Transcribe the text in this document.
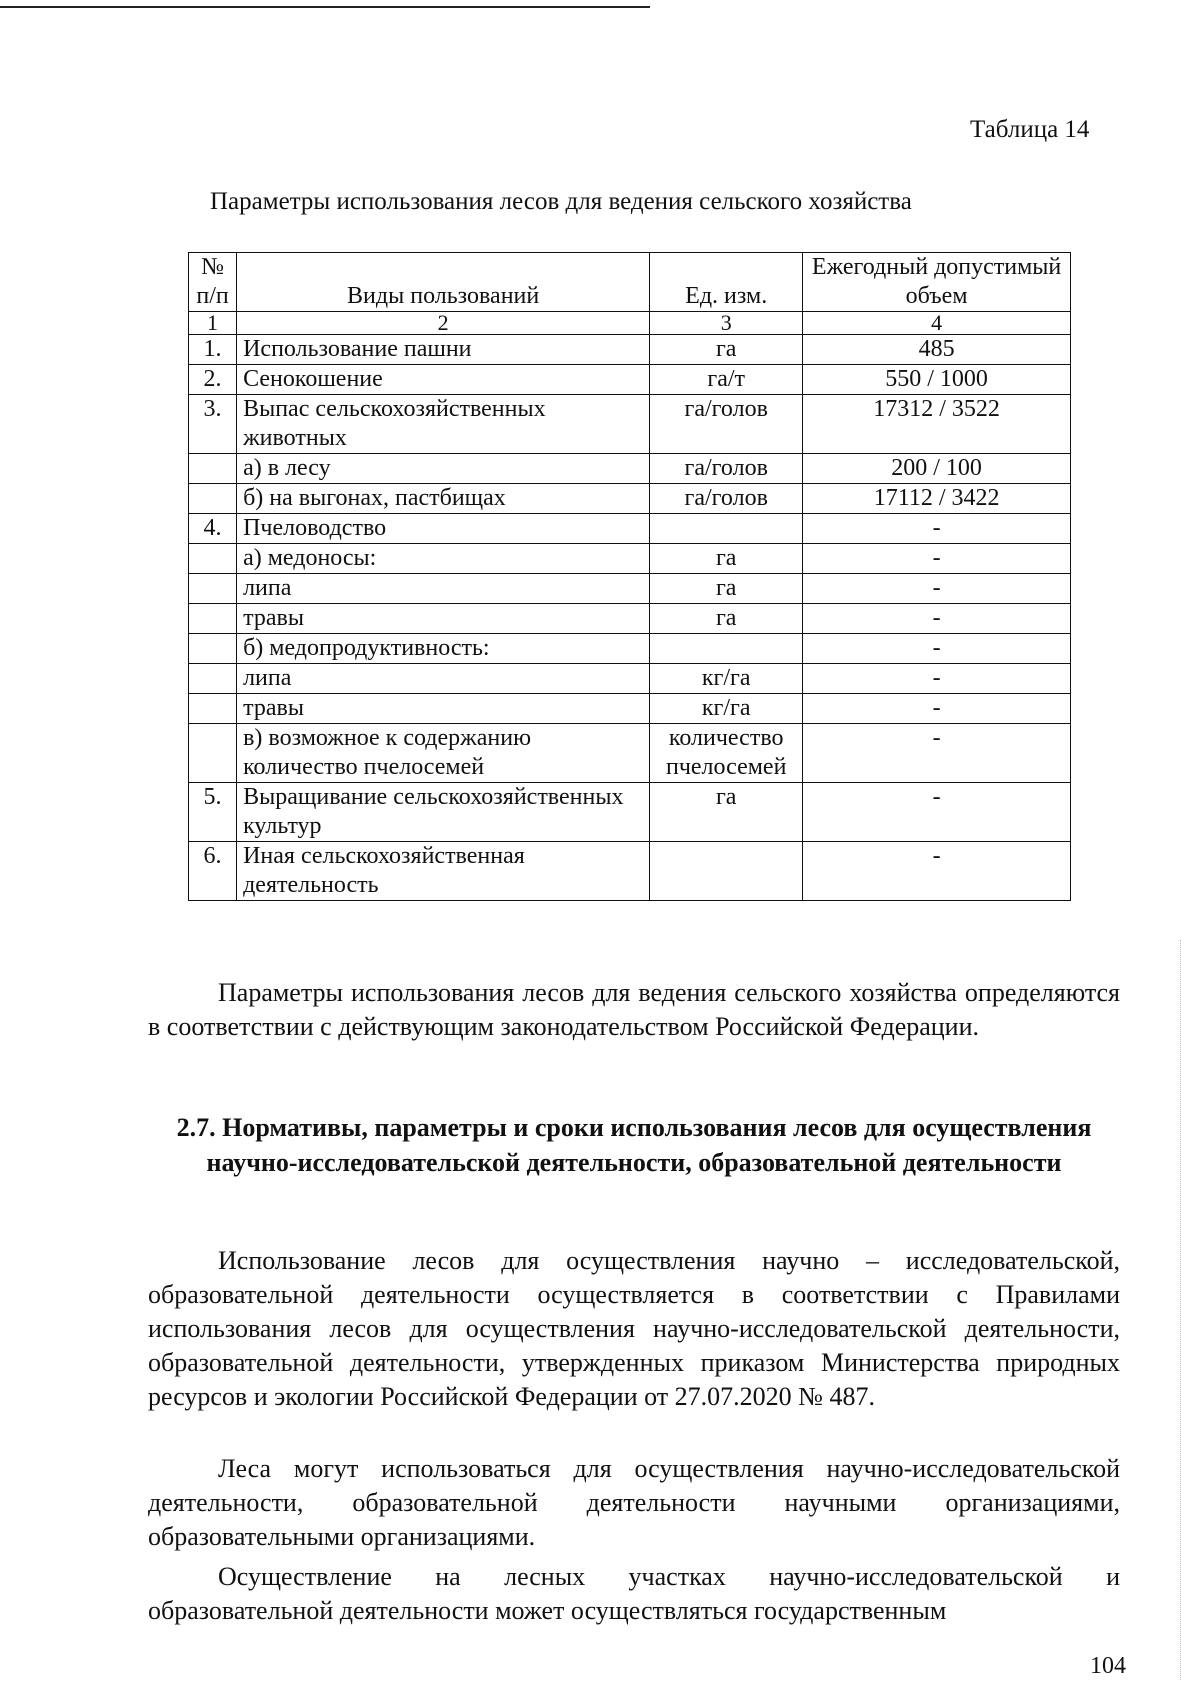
Таблица 14
Параметры использования лесов для ведения сельского хозяйства
№ п/п	Виды пользований	Ед. изм.	Ежегодный допустимый объем
1	2	3	4
1.	Использование пашни	га	485
2.	Сенокошение	га/т	550 / 1000
3.	Выпас сельскохозяйственных животных	га/голов	17312 / 3522
	а) в лесу	га/голов	200 / 100
	б) на выгонах, пастбищах	га/голов	17112 / 3422
4.	Пчеловодство		-
	а) медоносы:	га	-
	липа	га	-
	травы	га	-
	б) медопродуктивность:		-
	липа	кг/га	-
	травы	кг/га	-
	в) возможное к содержанию количество пчелосемей	количество пчелосемей	-
5.	Выращивание сельскохозяйственных культур	га	-
6.	Иная сельскохозяйственная деятельность		-

Параметры использования лесов для ведения сельского хозяйства определяются в соответствии с действующим законодательством Российской Федерации.

2.7. Нормативы, параметры и сроки использования лесов для осуществления научно-исследовательской деятельности, образовательной деятельности

Использование лесов для осуществления научно – исследовательской, образовательной деятельности осуществляется в соответствии с Правилами использования лесов для осуществления научно-исследовательской деятельности, образовательной деятельности, утвержденных приказом Министерства природных ресурсов и экологии Российской Федерации от 27.07.2020 № 487.

Леса могут использоваться для осуществления научно-исследовательской деятельности, образовательной деятельности научными организациями, образовательными организациями.

Осуществление на лесных участках научно-исследовательской и образовательной деятельности может осуществляться государственным

104
